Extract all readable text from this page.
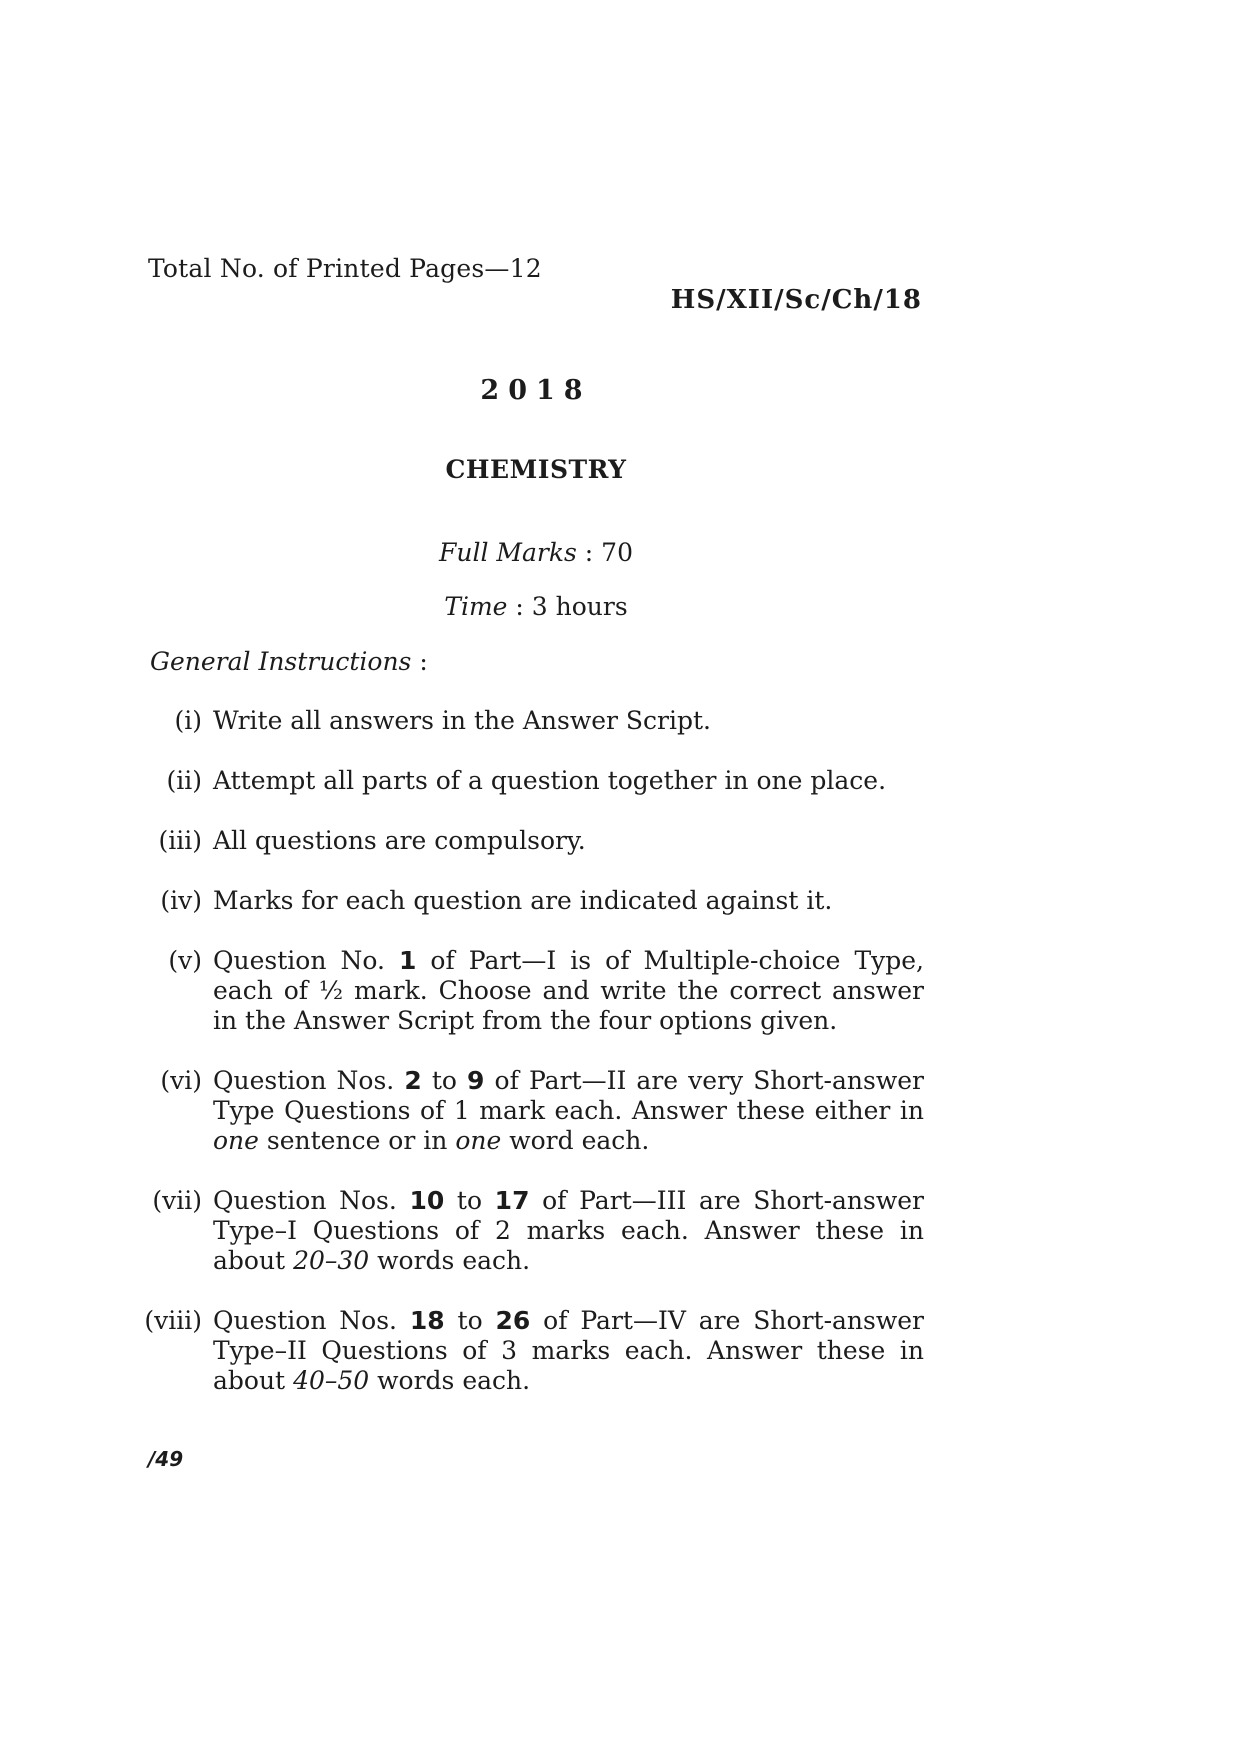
Total No. of Printed Pages—12
HS/XII/Sc/Ch/18
2018
CHEMISTRY
Full Marks : 70
Time : 3 hours
General Instructions :
(i) Write all answers in the Answer Script.
(ii) Attempt all parts of a question together in one place.
(iii) All questions are compulsory.
(iv) Marks for each question are indicated against it.
(v) Question No. 1 of Part—I is of Multiple-choice Type, each of ½ mark. Choose and write the correct answer in the Answer Script from the four options given.
(vi) Question Nos. 2 to 9 of Part—II are very Short-answer Type Questions of 1 mark each. Answer these either in one sentence or in one word each.
(vii) Question Nos. 10 to 17 of Part—III are Short-answer Type–I Questions of 2 marks each. Answer these in about 20–30 words each.
(viii) Question Nos. 18 to 26 of Part—IV are Short-answer Type–II Questions of 3 marks each. Answer these in about 40–50 words each.
/49
